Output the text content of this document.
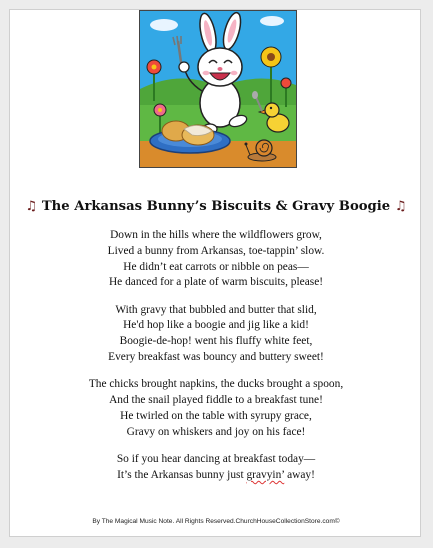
♫ The Arkansas Bunny’s Biscuits & Gravy Boogie ♫
Down in the hills where the wildflowers grow,
Lived a bunny from Arkansas, toe-tappin’ slow.
He didn’t eat carrots or nibble on peas—
He danced for a plate of warm biscuits, please!
With gravy that bubbled and butter that slid,
He'd hop like a boogie and jig like a kid!
Boogie-de-hop! went his fluffy white feet,
Every breakfast was bouncy and buttery sweet!
The chicks brought napkins, the ducks brought a spoon,
And the snail played fiddle to a breakfast tune!
He twirled on the table with syrupy grace,
Gravy on whiskers and joy on his face!
So if you hear dancing at breakfast today—
It’s the Arkansas bunny just gravyin’ away!
By The Magical Music Note. All Rights Reserved.ChurchHouseCollectionStore.com©
